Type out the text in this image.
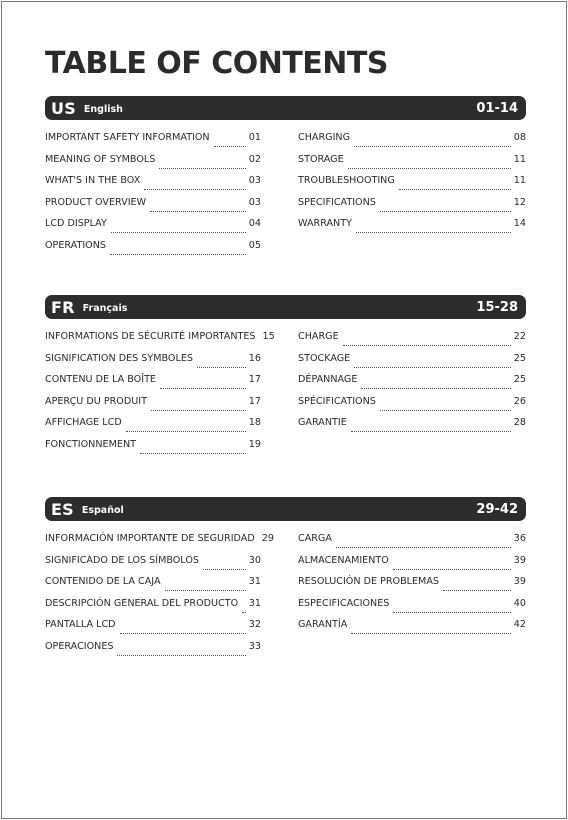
TABLE OF CONTENTS
US English	01-14
IMPORTANT SAFETY INFORMATION	01
MEANING OF SYMBOLS	02
WHAT'S IN THE BOX	03
PRODUCT OVERVIEW	03
LCD DISPLAY	04
OPERATIONS	05
CHARGING	08
STORAGE	11
TROUBLESHOOTING	11
SPECIFICATIONS	12
WARRANTY	14
FR Français	15-28
INFORMATIONS DE SÉCURITÉ IMPORTANTES 15
SIGNIFICATION DES SYMBOLES	16
CONTENU DE LA BOÎTE	17
APERÇU DU PRODUIT	17
AFFICHAGE LCD	18
FONCTIONNEMENT	19
CHARGE	22
STOCKAGE	25
DÉPANNAGE	25
SPÉCIFICATIONS	26
GARANTIE	28
ES Español	29-42
INFORMACIÓN IMPORTANTE DE SEGURIDAD 29
SIGNIFICADO DE LOS SÍMBOLOS	30
CONTENIDO DE LA CAJA	31
DESCRIPCIÓN GENERAL DEL PRODUCTO 31
PANTALLA LCD	32
OPERACIONES	33
CARGA	36
ALMACENAMIENTO	39
RESOLUCIÓN DE PROBLEMAS	39
ESPECIFICACIONES	40
GARANTÍA	42
